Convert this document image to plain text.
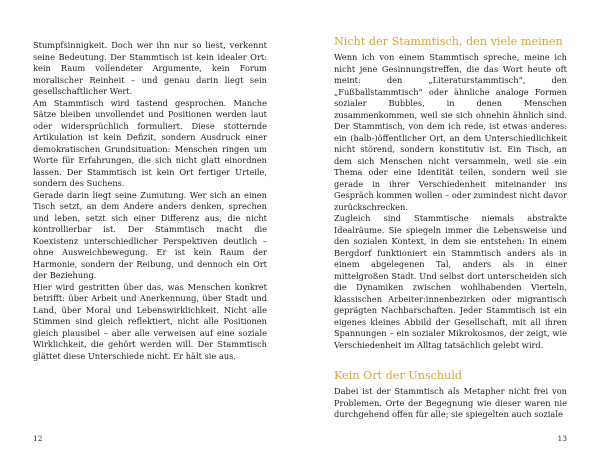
Stumpfsinnigkeit. Doch wer ihn nur so liest, verkennt seine Bedeutung. Der Stammtisch ist kein idealer Ort: kein Raum vollendeter Argumente, kein Forum moralischer Reinheit – und genau darin liegt sein gesellschaftlicher Wert.

Am Stammtisch wird tastend gesprochen. Manche Sätze bleiben unvollendet und Positionen werden laut oder widersprüchlich formuliert. Diese stotternde Artikulation ist kein Defizit, sondern Ausdruck einer demokratischen Grundsituation: Menschen ringen um Worte für Erfahrungen, die sich nicht glatt einordnen lassen. Der Stammtisch ist kein Ort fertiger Urteile, sondern des Suchens.

Gerade darin liegt seine Zumutung. Wer sich an einen Tisch setzt, an dem Andere anders denken, sprechen und leben, setzt sich einer Differenz aus, die nicht kontrollierbar ist. Der Stammtisch macht die Koexistenz unterschiedlicher Perspektiven deutlich – ohne Ausweichbewegung. Er ist kein Raum der Harmonie, sondern der Reibung, und dennoch ein Ort der Beziehung.

Hier wird gestritten über das, was Menschen konkret betrifft: über Arbeit und Anerkennung, über Stadt und Land, über Moral und Lebenswirklichkeit. Nicht alle Stimmen sind gleich reflektiert, nicht alle Positionen gleich plausibel – aber alle verweisen auf eine soziale Wirklichkeit, die gehört werden will. Der Stammtisch glättet diese Unterschiede nicht. Er hält sie aus.

12
Nicht der Stammtisch, den viele meinen

Wenn ich von einem Stammtisch spreche, meine ich nicht jene Gesinnungstreffen, die das Wort heute oft meint: den „Literaturstammtisch“, den „Fußballstammtisch“ oder ähnliche analoge Formen sozialer Bubbles, in denen Menschen zusammenkommen, weil sie sich ohnehin ähnlich sind. Der Stammtisch, von dem ich rede, ist etwas anderes: ein (halb-)öffentlicher Ort, an dem Unterschiedlichkeit nicht störend, sondern konstitutiv ist. Ein Tisch, an dem sich Menschen nicht versammeln, weil sie ein Thema oder eine Identität teilen, sondern weil sie gerade in ihrer Verschiedenheit miteinander ins Gespräch kommen wollen – oder zumindest nicht davor zurückschrecken.

Zugleich sind Stammtische niemals abstrakte Idealräume. Sie spiegeln immer die Lebensweise und den sozialen Kontext, in dem sie entstehen: In einem Bergdorf funktioniert ein Stammtisch anders als in einem abgelegenen Tal, anders als in einer mittelgroßen Stadt. Und selbst dort unterscheiden sich die Dynamiken zwischen wohlhabenden Vierteln, klassischen Arbeiter:innenbezirken oder migrantisch geprägten Nachbarschaften. Jeder Stammtisch ist ein eigenes kleines Abbild der Gesellschaft, mit all ihren Spannungen – ein sozialer Mikrokosmos, der zeigt, wie Verschiedenheit im Alltag tatsächlich gelebt wird.

Kein Ort der Unschuld

Dabei ist der Stammtisch als Metapher nicht frei von Problemen. Orte der Begegnung wie dieser waren nie durchgehend offen für alle; sie spiegelten auch soziale

13
